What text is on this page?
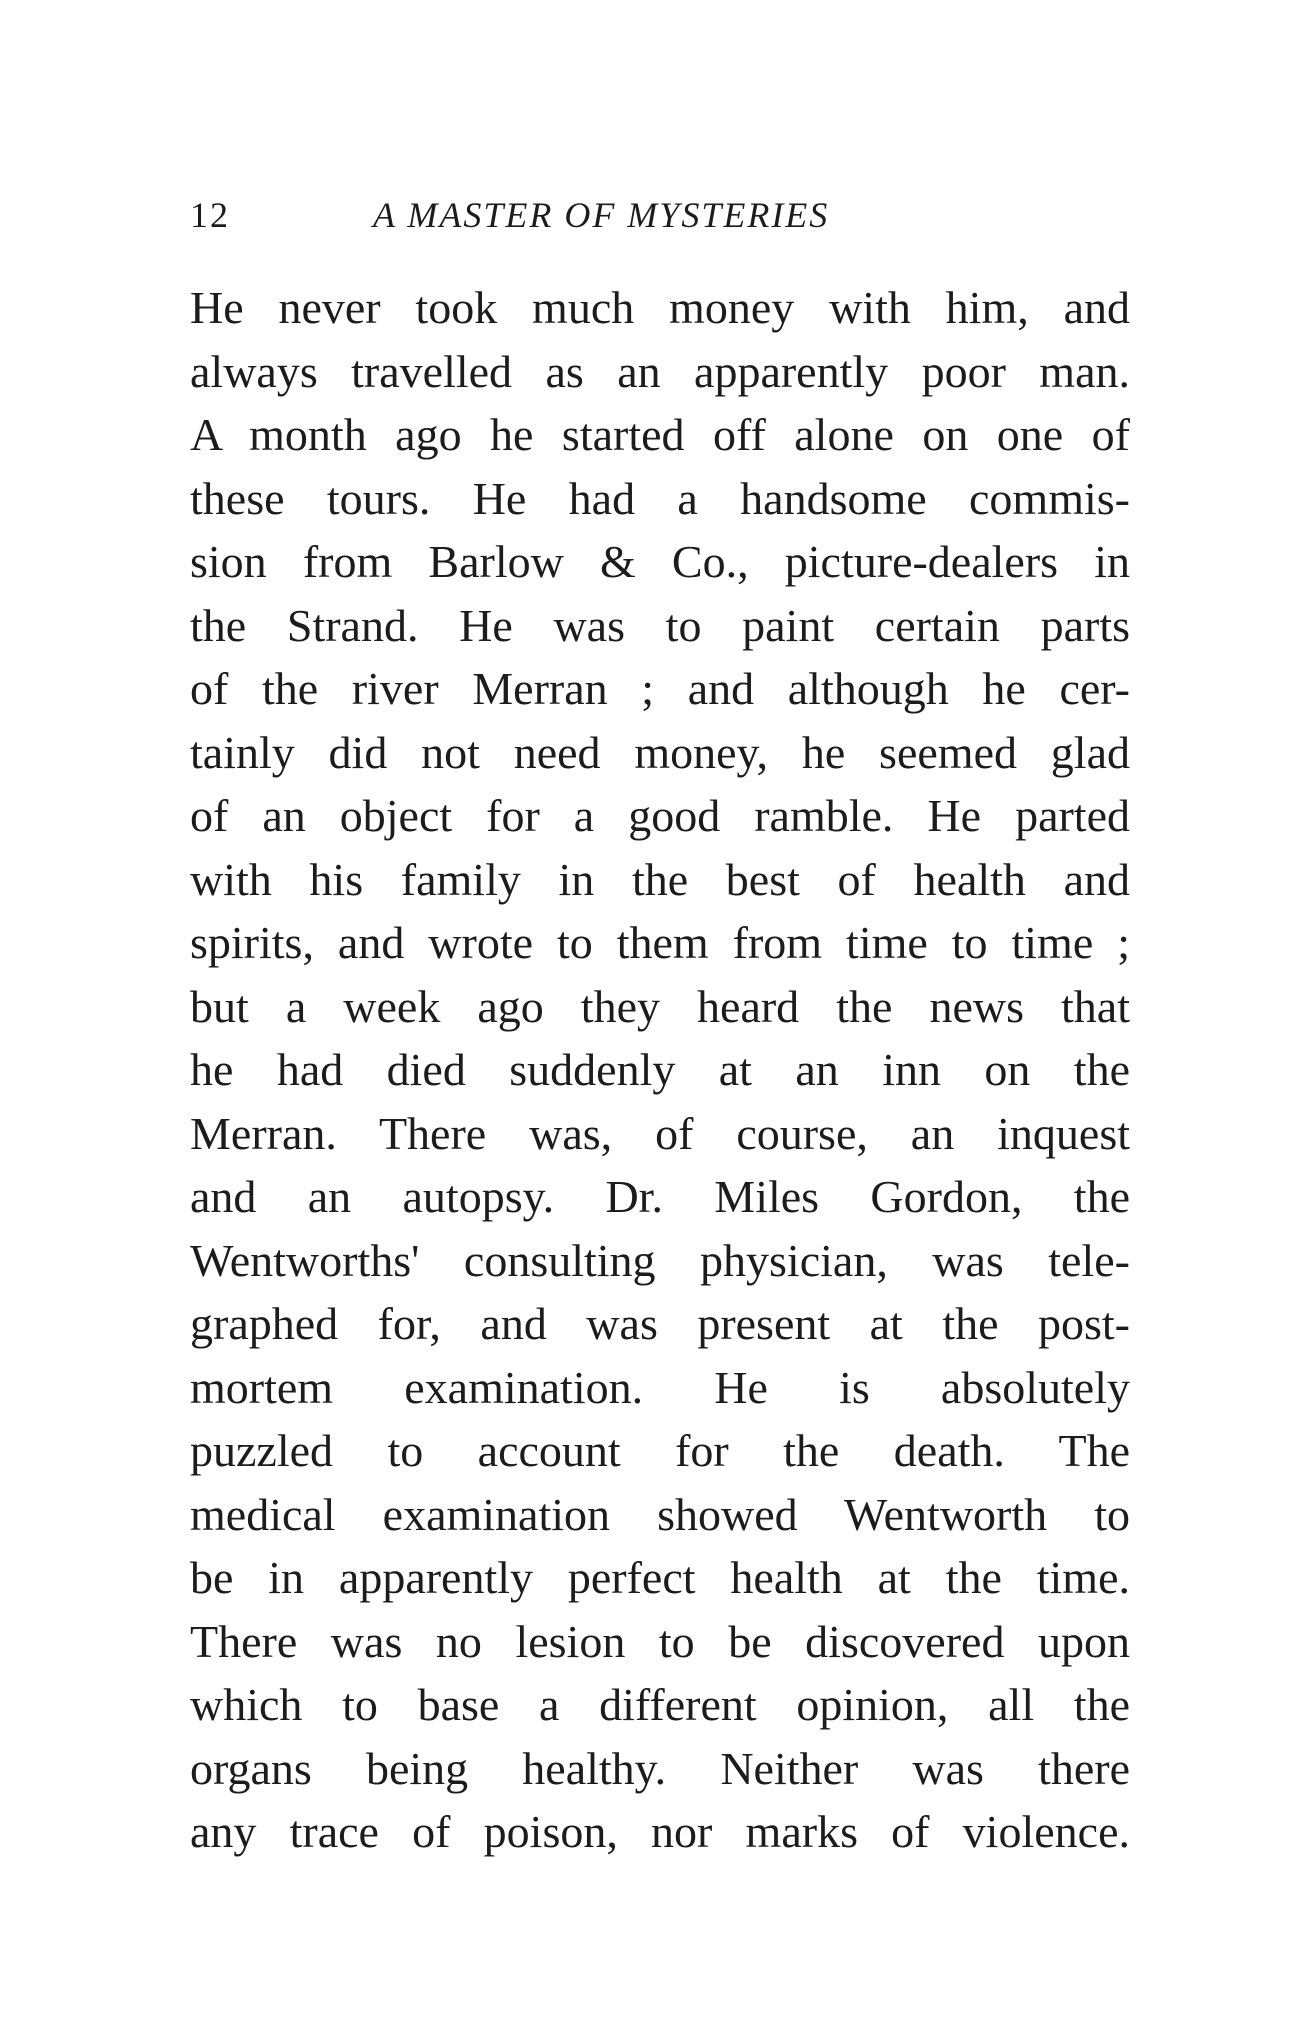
12	A MASTER OF MYSTERIES
He never took much money with him, and
always travelled as an apparently poor man.
A month ago he started off alone on one of
these tours. He had a handsome commis-
sion from Barlow & Co., picture-dealers in
the Strand. He was to paint certain parts
of the river Merran ; and although he cer-
tainly did not need money, he seemed glad
of an object for a good ramble. He parted
with his family in the best of health and
spirits, and wrote to them from time to time ;
but a week ago they heard the news that
he had died suddenly at an inn on the
Merran. There was, of course, an inquest
and an autopsy. Dr. Miles Gordon, the
Wentworths' consulting physician, was tele-
graphed for, and was present at the post-
mortem examination. He is absolutely
puzzled to account for the death. The
medical examination showed Wentworth to
be in apparently perfect health at the time.
There was no lesion to be discovered upon
which to base a different opinion, all the
organs being healthy. Neither was there
any trace of poison, nor marks of violence.
